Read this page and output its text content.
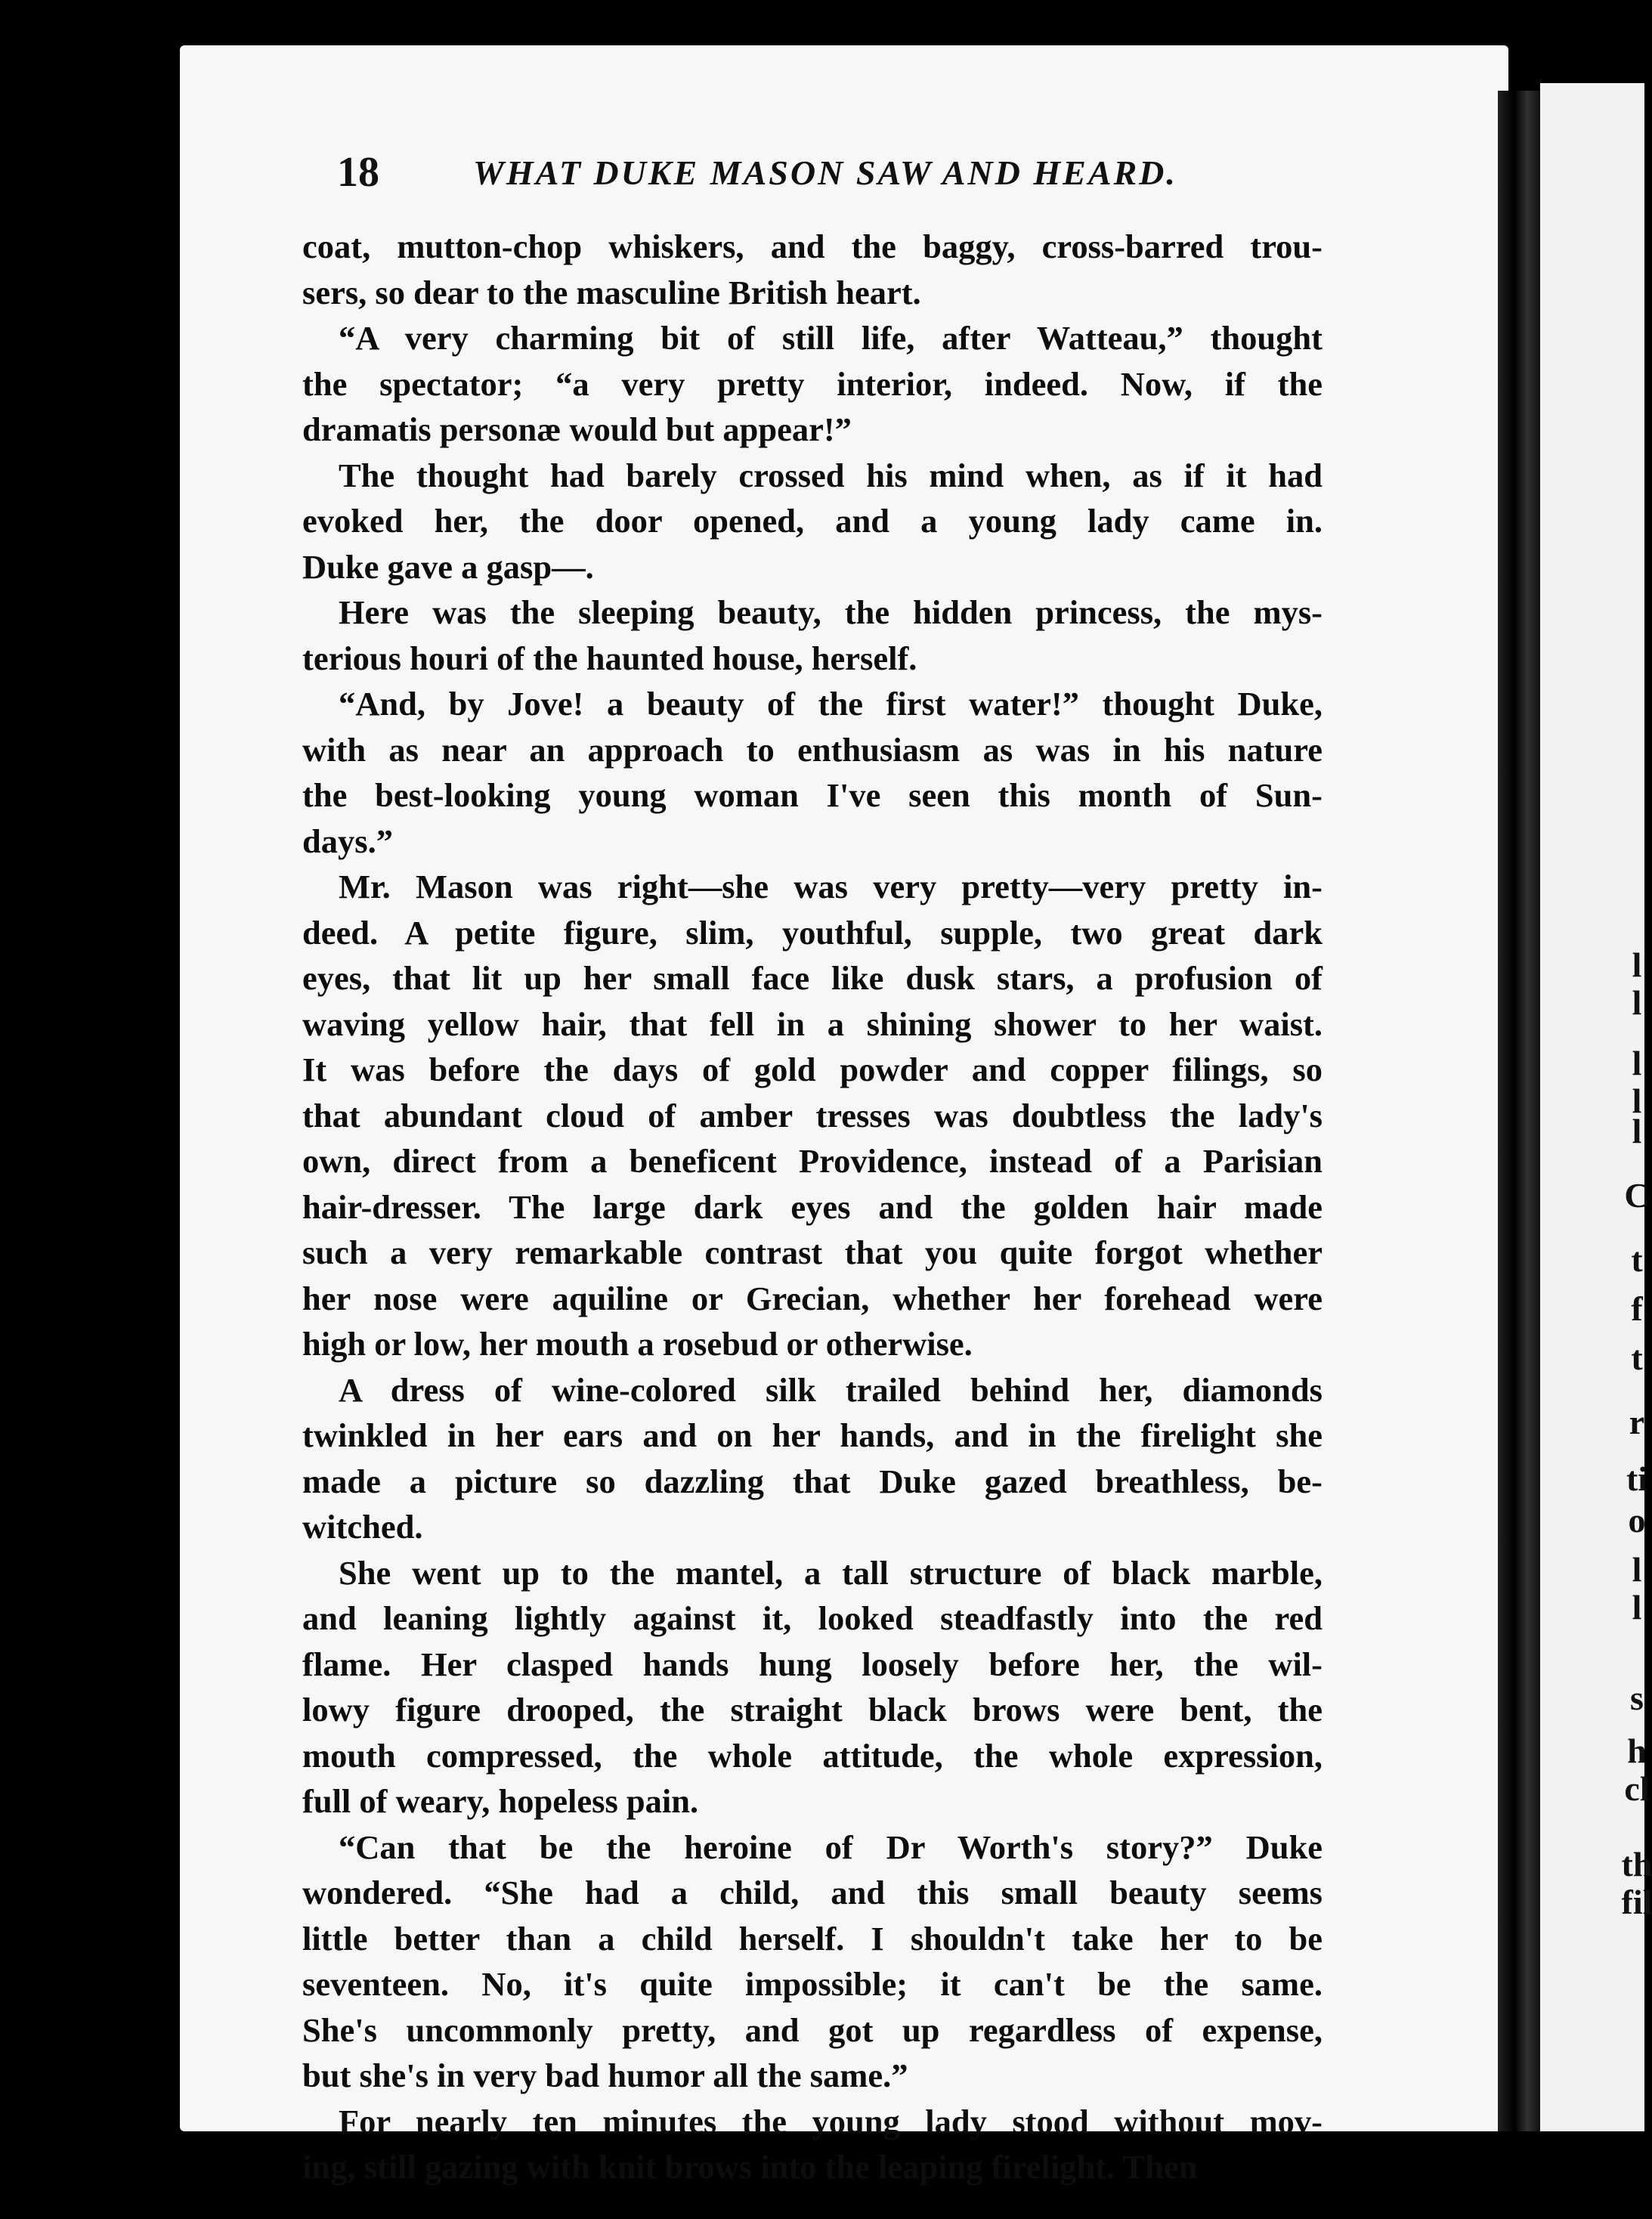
l
l
l
l
l
C
t
f
t
r
ti
o
l
l
s
h
cl
th
fil
18	WHAT DUKE MASON SAW AND HEARD.
coat, mutton-chop whiskers, and the baggy, cross-barred trou-
sers, so dear to the masculine British heart.
“A very charming bit of still life, after Watteau,” thought
the spectator; “a very pretty interior, indeed. Now, if the
dramatis personæ would but appear!”
The thought had barely crossed his mind when, as if it had
evoked her, the door opened, and a young lady came in.
Duke gave a gasp—.
Here was the sleeping beauty, the hidden princess, the mys-
terious houri of the haunted house, herself.
“And, by Jove! a beauty of the first water!” thought Duke,
with as near an approach to enthusiasm as was in his nature
the best-looking young woman I've seen this month of Sun-
days.”
Mr. Mason was right—she was very pretty—very pretty in-
deed. A petite figure, slim, youthful, supple, two great dark
eyes, that lit up her small face like dusk stars, a profusion of
waving yellow hair, that fell in a shining shower to her waist.
It was before the days of gold powder and copper filings, so
that abundant cloud of amber tresses was doubtless the lady's
own, direct from a beneficent Providence, instead of a Parisian
hair-dresser. The large dark eyes and the golden hair made
such a very remarkable contrast that you quite forgot whether
her nose were aquiline or Grecian, whether her forehead were
high or low, her mouth a rosebud or otherwise.
A dress of wine-colored silk trailed behind her, diamonds
twinkled in her ears and on her hands, and in the firelight she
made a picture so dazzling that Duke gazed breathless, be-
witched.
She went up to the mantel, a tall structure of black marble,
and leaning lightly against it, looked steadfastly into the red
flame. Her clasped hands hung loosely before her, the wil-
lowy figure drooped, the straight black brows were bent, the
mouth compressed, the whole attitude, the whole expression,
full of weary, hopeless pain.
“Can that be the heroine of Dr Worth's story?” Duke
wondered. “She had a child, and this small beauty seems
little better than a child herself. I shouldn't take her to be
seventeen. No, it's quite impossible; it can't be the same.
She's uncommonly pretty, and got up regardless of expense,
but she's in very bad humor all the same.”
For nearly ten minutes the young lady stood without mov-
ing, still gazing with knit brows into the leaping firelight. Then
